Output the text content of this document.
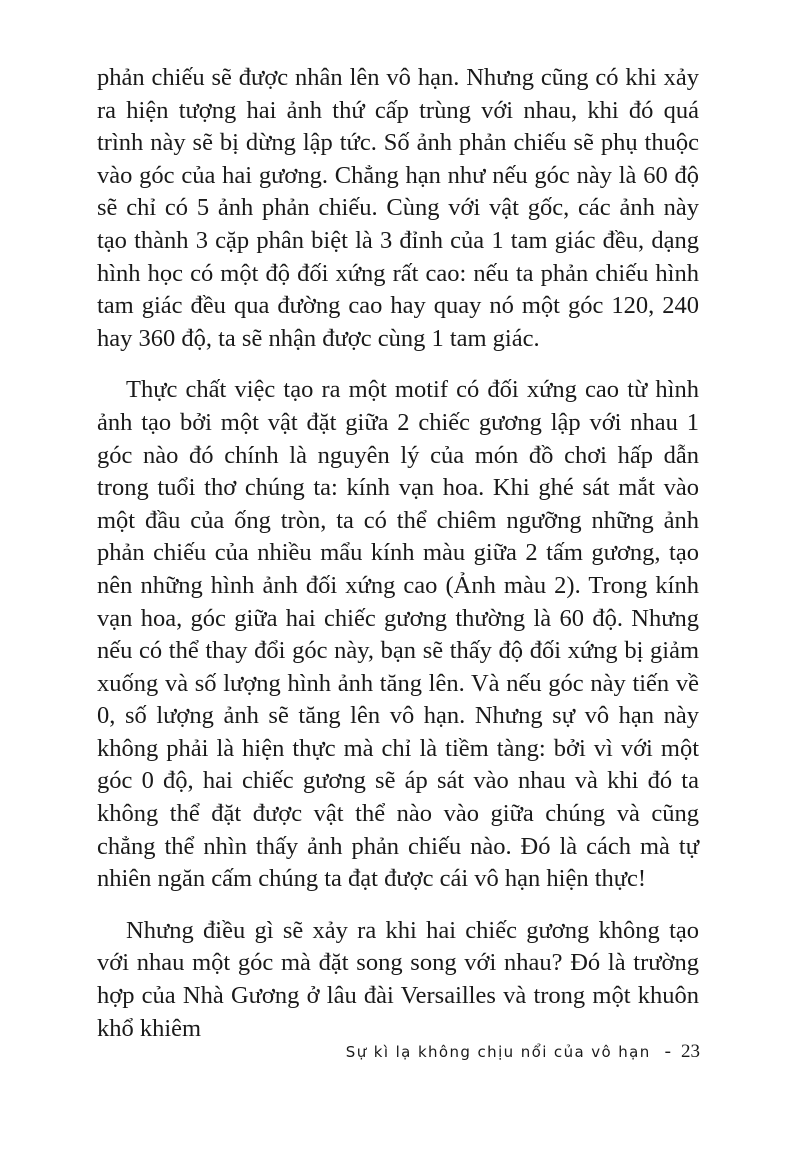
phản chiếu sẽ được nhân lên vô hạn. Nhưng cũng có khi xảy ra hiện tượng hai ảnh thứ cấp trùng với nhau, khi đó quá trình này sẽ bị dừng lập tức. Số ảnh phản chiếu sẽ phụ thuộc vào góc của hai gương. Chẳng hạn như nếu góc này là 60 độ sẽ chỉ có 5 ảnh phản chiếu. Cùng với vật gốc, các ảnh này tạo thành 3 cặp phân biệt là 3 đỉnh của 1 tam giác đều, dạng hình học có một độ đối xứng rất cao: nếu ta phản chiếu hình tam giác đều qua đường cao hay quay nó một góc 120, 240 hay 360 độ, ta sẽ nhận được cùng 1 tam giác.

Thực chất việc tạo ra một motif có đối xứng cao từ hình ảnh tạo bởi một vật đặt giữa 2 chiếc gương lập với nhau 1 góc nào đó chính là nguyên lý của món đồ chơi hấp dẫn trong tuổi thơ chúng ta: kính vạn hoa. Khi ghé sát mắt vào một đầu của ống tròn, ta có thể chiêm ngưỡng những ảnh phản chiếu của nhiều mẩu kính màu giữa 2 tấm gương, tạo nên những hình ảnh đối xứng cao (Ảnh màu 2). Trong kính vạn hoa, góc giữa hai chiếc gương thường là 60 độ. Nhưng nếu có thể thay đổi góc này, bạn sẽ thấy độ đối xứng bị giảm xuống và số lượng hình ảnh tăng lên. Và nếu góc này tiến về 0, số lượng ảnh sẽ tăng lên vô hạn. Nhưng sự vô hạn này không phải là hiện thực mà chỉ là tiềm tàng: bởi vì với một góc 0 độ, hai chiếc gương sẽ áp sát vào nhau và khi đó ta không thể đặt được vật thể nào vào giữa chúng và cũng chẳng thể nhìn thấy ảnh phản chiếu nào. Đó là cách mà tự nhiên ngăn cấm chúng ta đạt được cái vô hạn hiện thực!

Nhưng điều gì sẽ xảy ra khi hai chiếc gương không tạo với nhau một góc mà đặt song song với nhau? Đó là trường hợp của Nhà Gương ở lâu đài Versailles và trong một khuôn khổ khiêm

Sự kì lạ không chịu nổi của vô hạn - 23
